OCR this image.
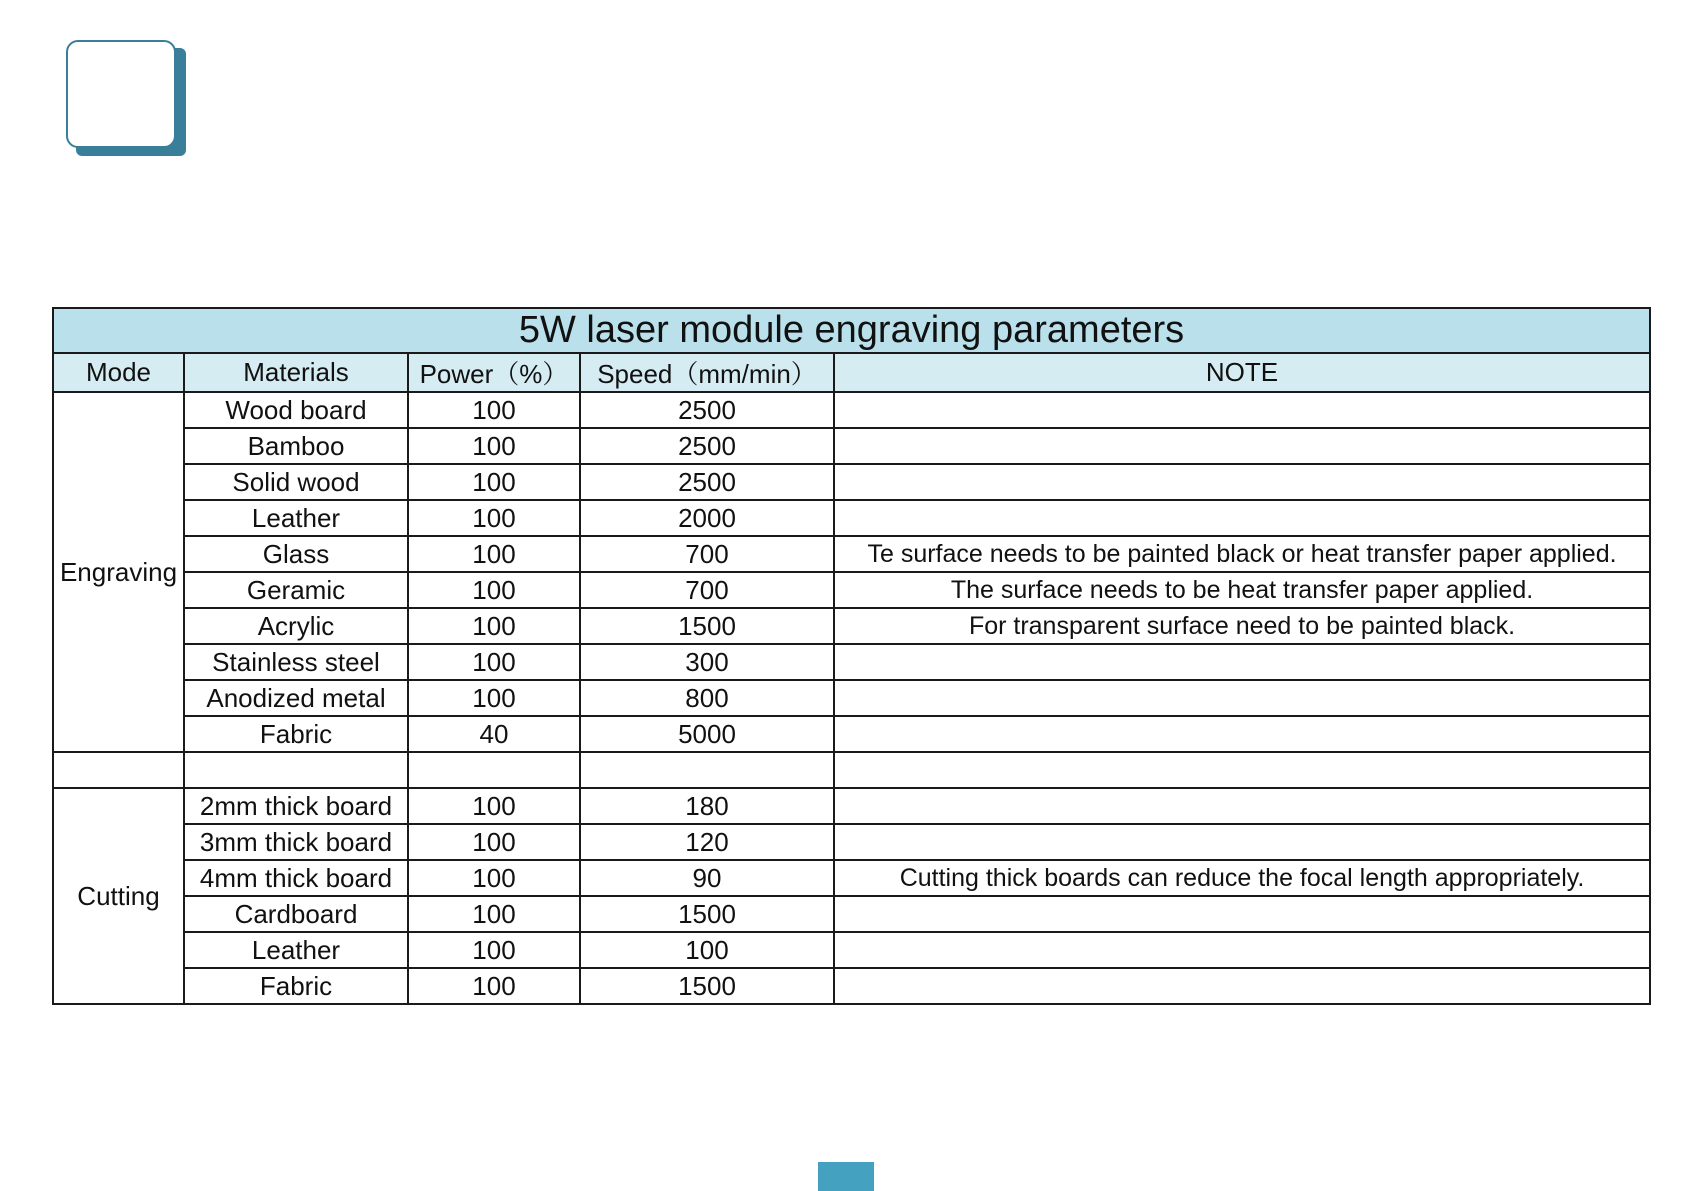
5W laser module engraving parameters				
Mode	Materials	Power（%）	Speed（mm/min）	NOTE
Engraving	Wood board	100	2500	
	Bamboo	100	2500	
	Solid wood	100	2500	
	Leather	100	2000	
	Glass	100	700	Te surface needs to be painted black or heat transfer paper applied.
	Geramic	100	700	The surface needs to be heat transfer paper applied.
	Acrylic	100	1500	For transparent surface need to be painted black.
	Stainless steel	100	300	
	Anodized metal	100	800	
	Fabric	40	5000	

Cutting	2mm thick board	100	180	
	3mm thick board	100	120	
	4mm thick board	100	90	Cutting thick boards can reduce the focal length appropriately.
	Cardboard	100	1500	
	Leather	100	100	
	Fabric	100	1500	
